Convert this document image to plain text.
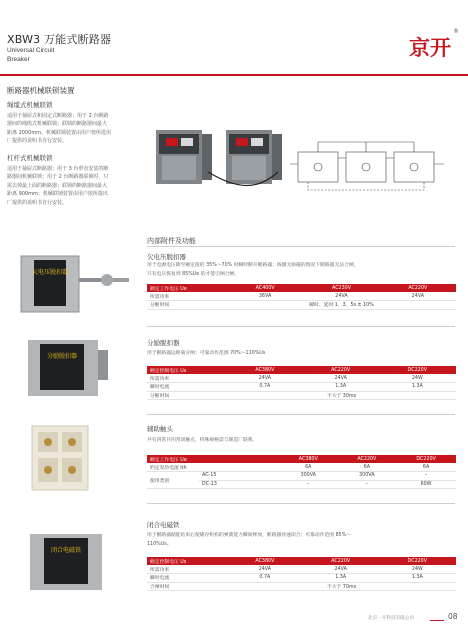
XBW3 万能式断路器
Universal Circuit
Breaker	京开
®
断路器机械联锁装置
绳缆式机械联锁
适用于抽屉式和固定式断路器；用于 2 台断路
器间的绳缆式机械联锁；联锁的断路器间最大
距离 2000mm。机械联锁装置由用户按所选用
厂提供的说明书自行安装。
杠杆式机械联锁
适用于抽屉式断路器；用于 3 台垂直安装的断
路器间机械联锁；用于 2 台断路器联锁时，只
需去掉最上面的断路器；联锁的断路器间最大
距离 900mm；机械联锁装置由用户按所提出
厂提供的说明书自行安装。
欠电压脱扣器
分励脱扣器
闭合电磁铁
内部附件及功能
欠电压脱扣器
用于电源电压降至额定值的 35%～70% 时瞬时断开断路器；线圈无励磁的情况下断路器无法合闸，
只有电压恢复到 85%Ue 的才能引闸合闸。
额定工作电压 Ue	AC400V	AC230V	AC220V
所需功率	36VA	24VA	24VA
分断时间	瞬时、延时 1、3、5s ± 10%		
分励脱扣器
用于断路器远距离分闸；可靠动作范围 70%～110%Us
额定控制电压 Us	AC380V	AC220V	DC220V
所需功率	24VA	24VA	24W
瞬时电流	0.7A	1.3A	1.3A
分断时间	不大于 30ms		
辅助触头
共有四常开四常闭触点，特殊规格需与制造厂联系。
额定工作电压 Ue		AC380V	AC220V	DC220V
约定发热电流 Ith		6A	6A	6A
使用类别	AC-15	300VA	300VA	–
	DC-13	–	–	60W
闭合电磁铁
用于断路器储能结束后使储存机构的弹簧能力瞬间释放，断路器快速闭合；可靠动作范围 85%～
110%Us。
额定控制电压 Us	AC380V	AC220V	DC220V
所需功率	24VA	24VA	24W
瞬时电流	0.7A	1.3A	1.3A
合闸时间	不大于 70ms		
北京一开科技有限公司	08
